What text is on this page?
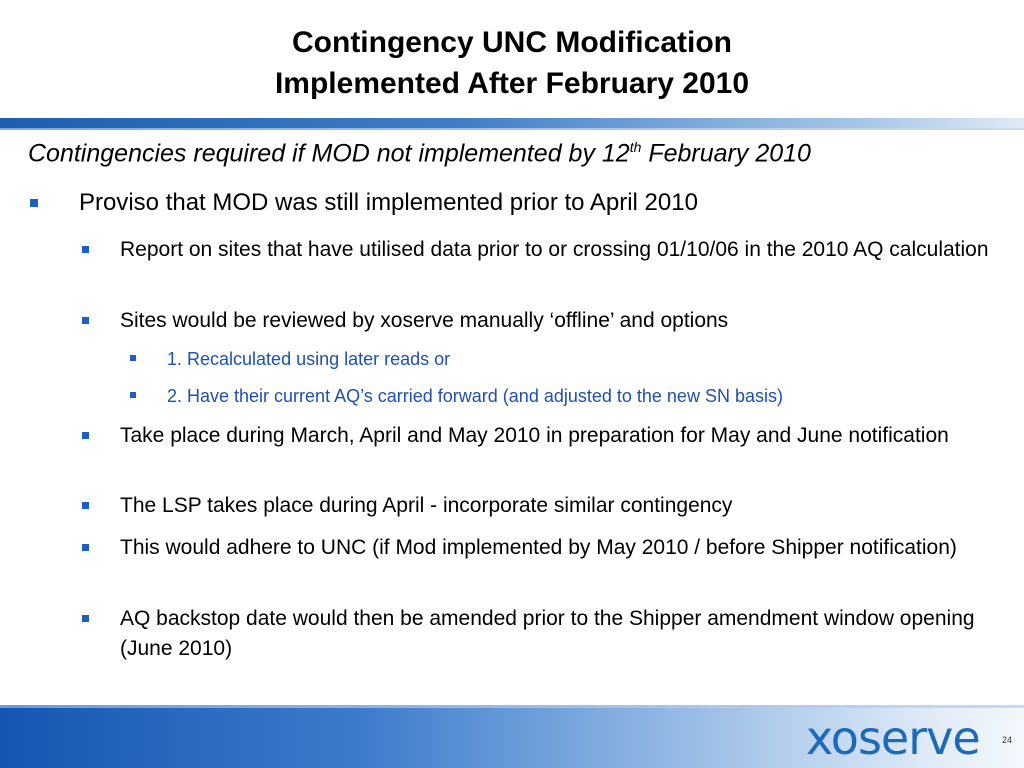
Contingency UNC Modification
Implemented After February 2010
Contingencies required if MOD not implemented by 12th February 2010
Proviso that MOD was still implemented prior to April 2010
Report on sites that have utilised data prior to or crossing 01/10/06 in the 2010 AQ calculation
Sites would be reviewed by xoserve manually ‘offline’ and options
1. Recalculated using later reads or
2. Have their current AQ’s carried forward (and adjusted to the new SN basis)
Take place during March, April and May 2010 in preparation for May and June notification
The LSP takes place during April - incorporate similar contingency
This would adhere to UNC (if Mod implemented by May 2010 / before Shipper notification)
AQ backstop date would then be amended prior to the Shipper amendment window opening (June 2010)
xoserve 24
